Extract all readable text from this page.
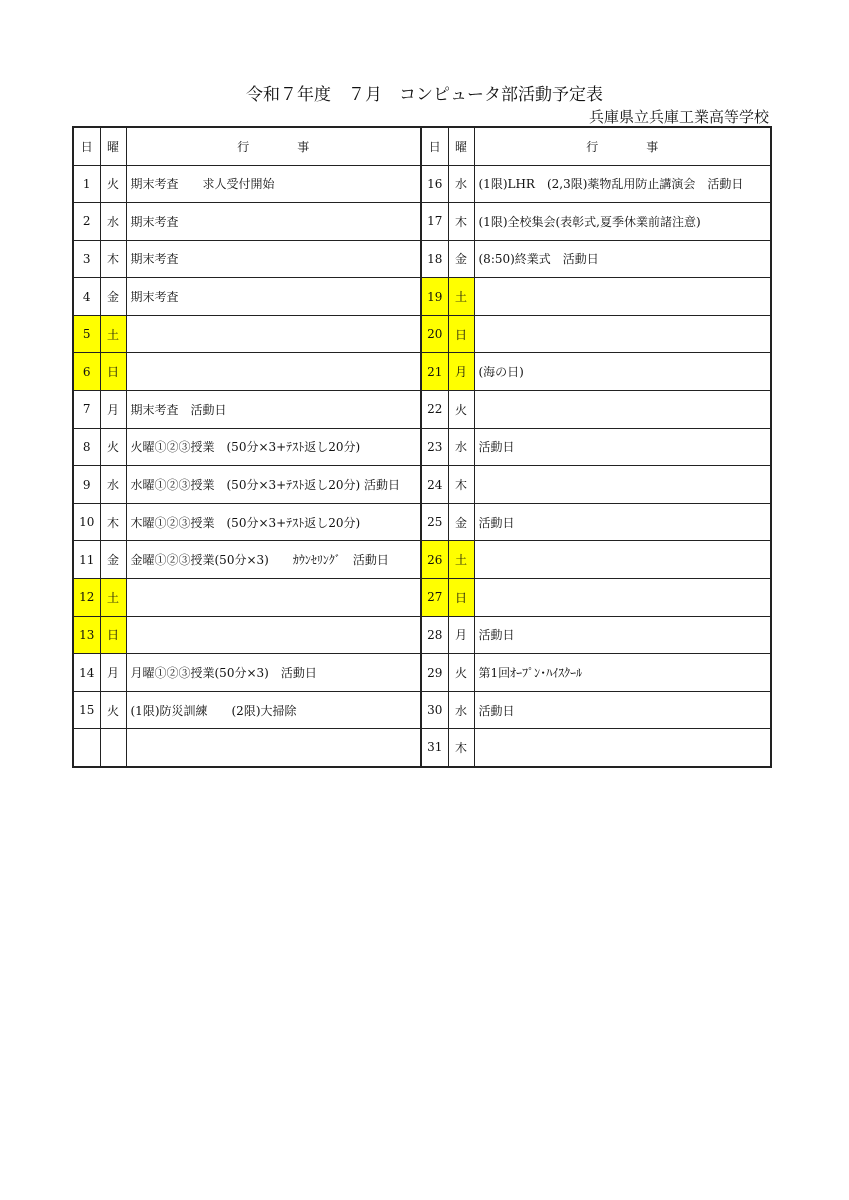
令和７年度　７月　コンピュータ部活動予定表
兵庫県立兵庫工業高等学校
日	曜	行 事	日	曜	行 事
1	火	期末考査　　求人受付開始	16	水	(1限)LHR　(2,3限)薬物乱用防止講演会　活動日
2	水	期末考査	17	木	(1限)全校集会(表彰式,夏季休業前諸注意)
3	木	期末考査	18	金	(8:50)終業式　活動日
4	金	期末考査	19	土	
5	土		20	日	
6	日		21	月	(海の日)
7	月	期末考査　活動日	22	火	
8	火	火曜①②③授業　(50分×3+ﾃｽﾄ返し20分)	23	水	活動日
9	水	水曜①②③授業　(50分×3+ﾃｽﾄ返し20分) 活動日	24	木	
10	木	木曜①②③授業　(50分×3+ﾃｽﾄ返し20分)	25	金	活動日
11	金	金曜①②③授業(50分×3)　　ｶｳﾝｾﾘﾝｸﾞ　活動日	26	土	
12	土		27	日	
13	日		28	月	活動日
14	月	月曜①②③授業(50分×3)　活動日	29	火	第1回ｵｰﾌﾟﾝ･ﾊｲｽｸｰﾙ
15	火	(1限)防災訓練　　(2限)大掃除	30	水	活動日
			31	木	
